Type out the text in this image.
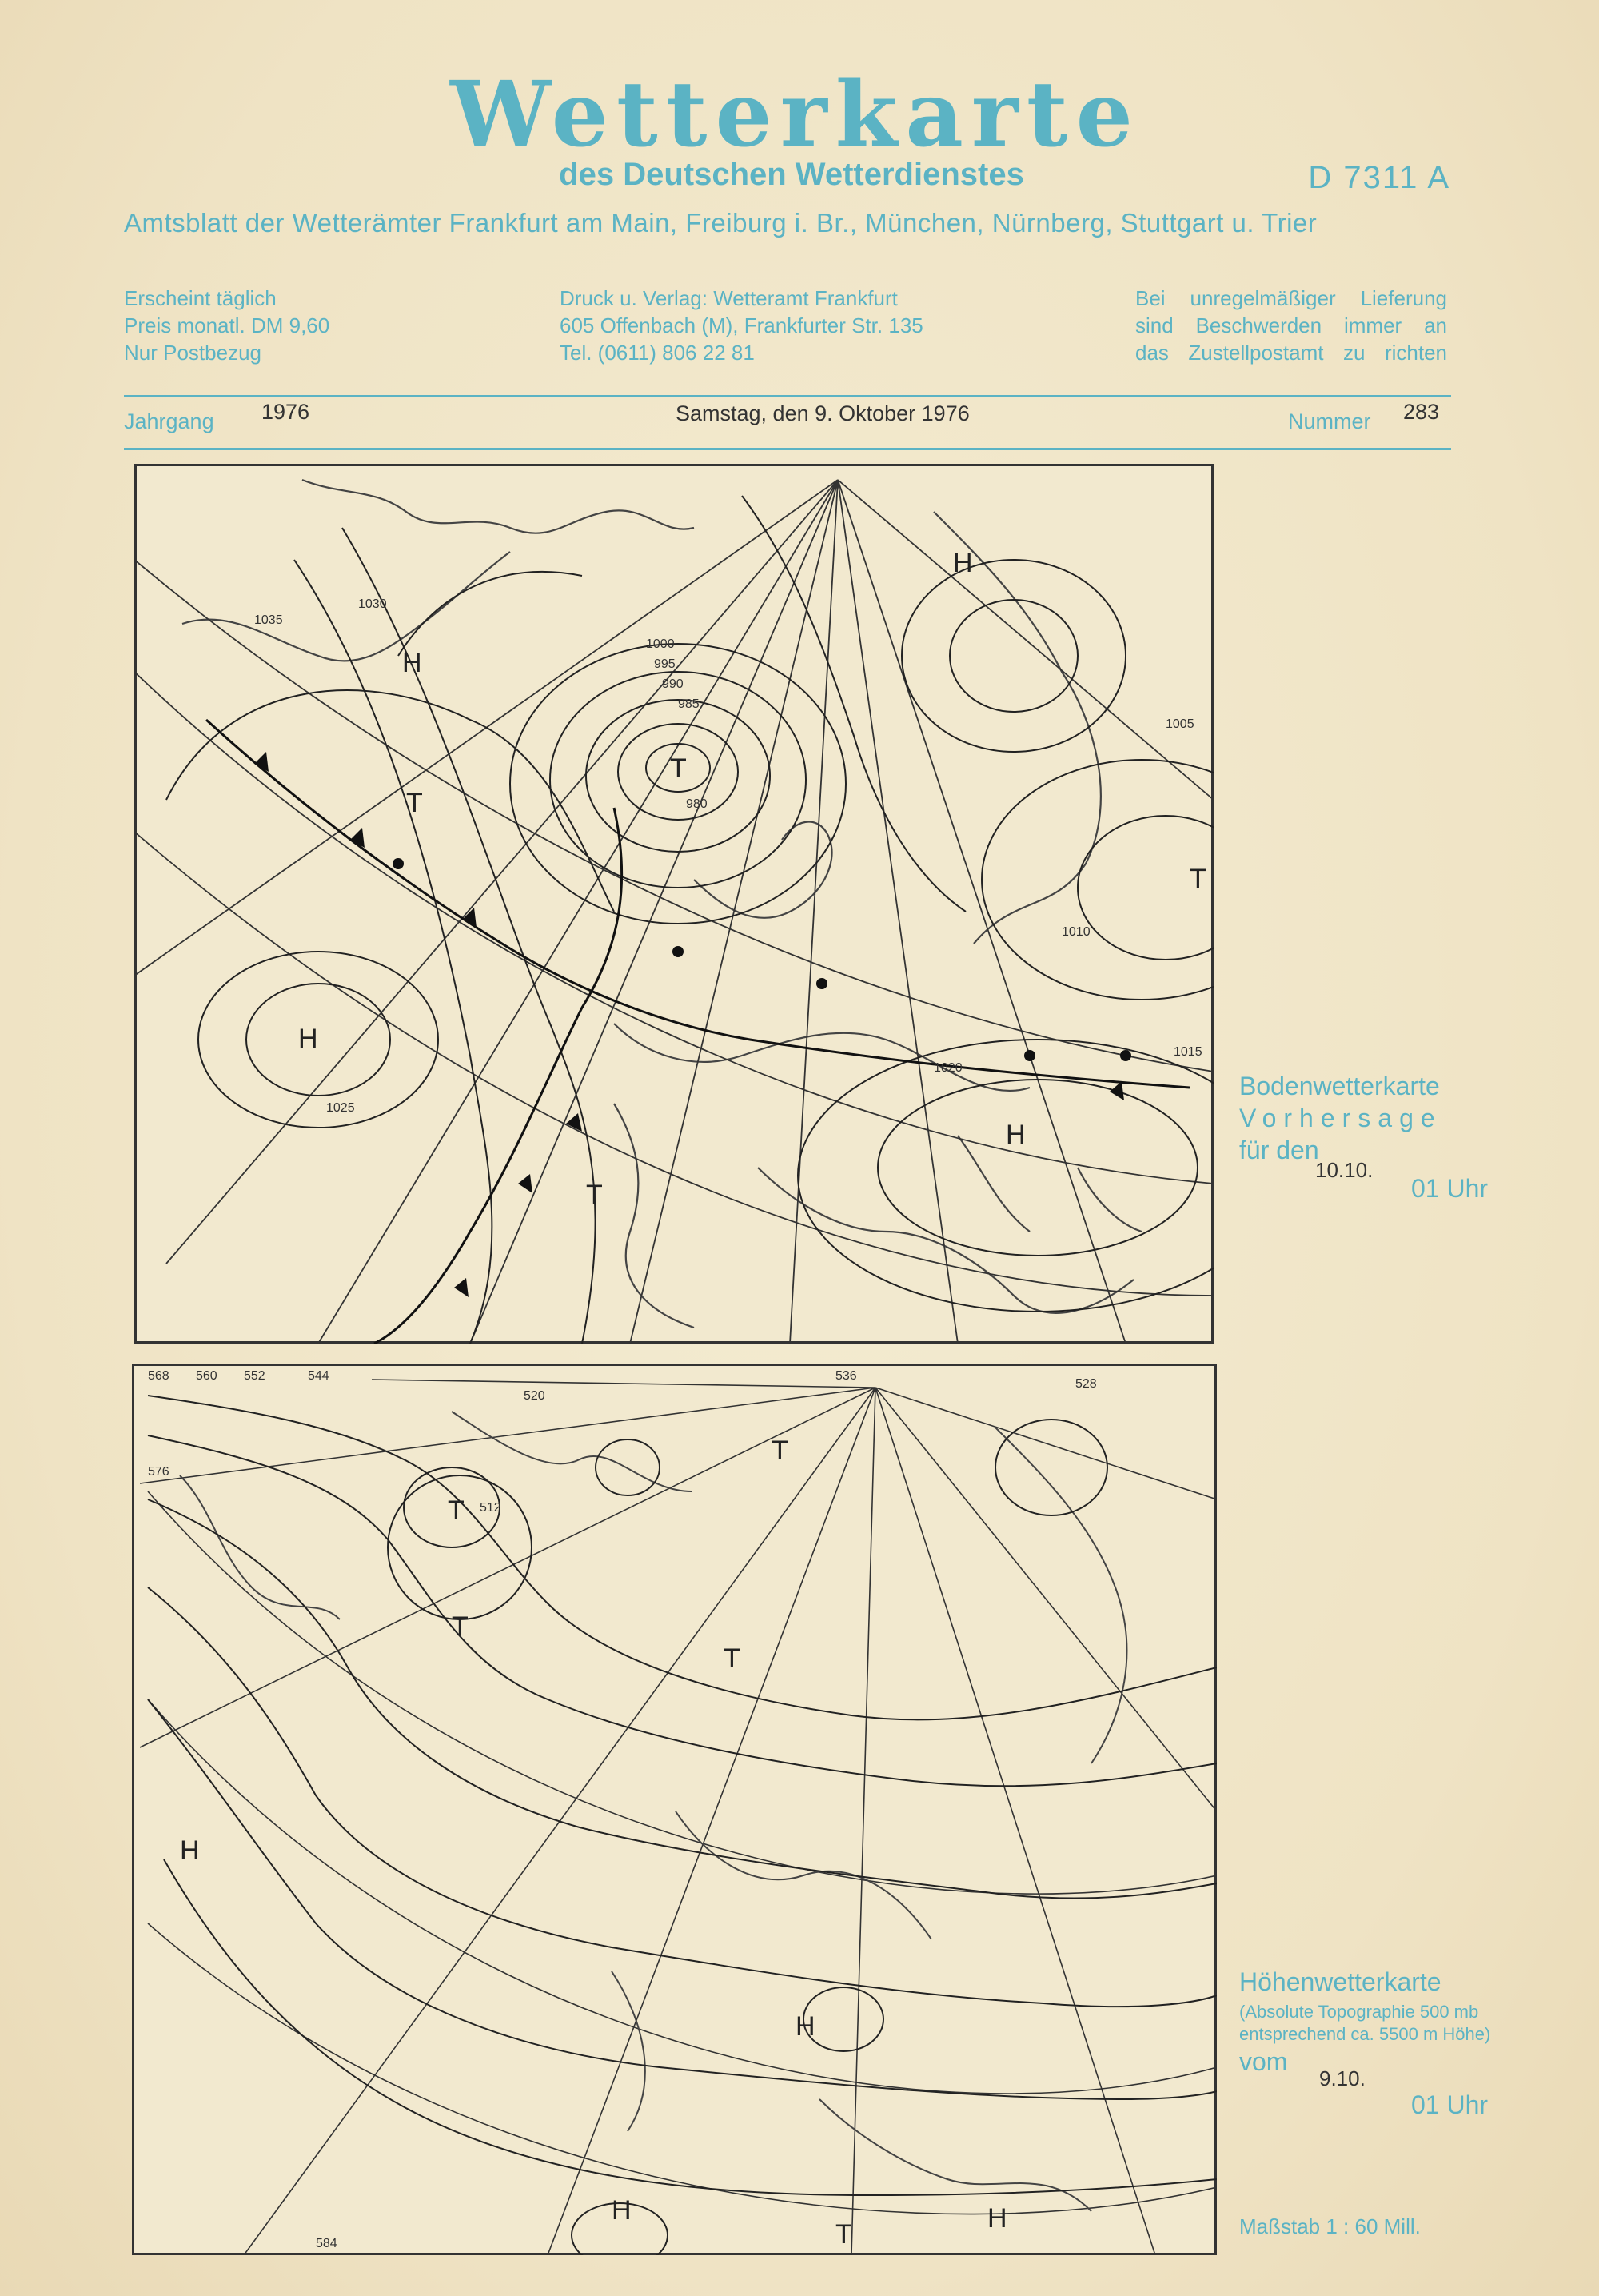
Wetterkarte
des Deutschen Wetterdienstes	D 7311 A
Amtsblatt der Wetterämter Frankfurt am Main, Freiburg i. Br., München, Nürnberg, Stuttgart u. Trier
Erscheint täglich
Preis monatl. DM 9,60
Nur Postbezug
Druck u. Verlag: Wetteramt Frankfurt
605 Offenbach (M), Frankfurter Str. 135
Tel. (0611) 806 22 81
Bei unregelmäßiger Lieferung
sind Beschwerden immer an
das Zustellpostamt zu richten
Jahrgang 1976	Samstag, den 9. Oktober 1976	Nummer 283
H
H
H
H
T
T
T
T
1000
995
990
985
980
1005
1010
1015
1020
1025
1030
1035
Bodenwetterkarte
Vorhersage
für den
10.10.
01 Uhr
H
H
H
H
T
T
T
T
T
568 560 552	544	536
528
520
512
576
584
Höhenwetterkarte
(Absolute Topographie 500 mb
entsprechend ca. 5500 m Höhe)
vom
9.10.
01 Uhr
Maßstab 1 : 60 Mill.
